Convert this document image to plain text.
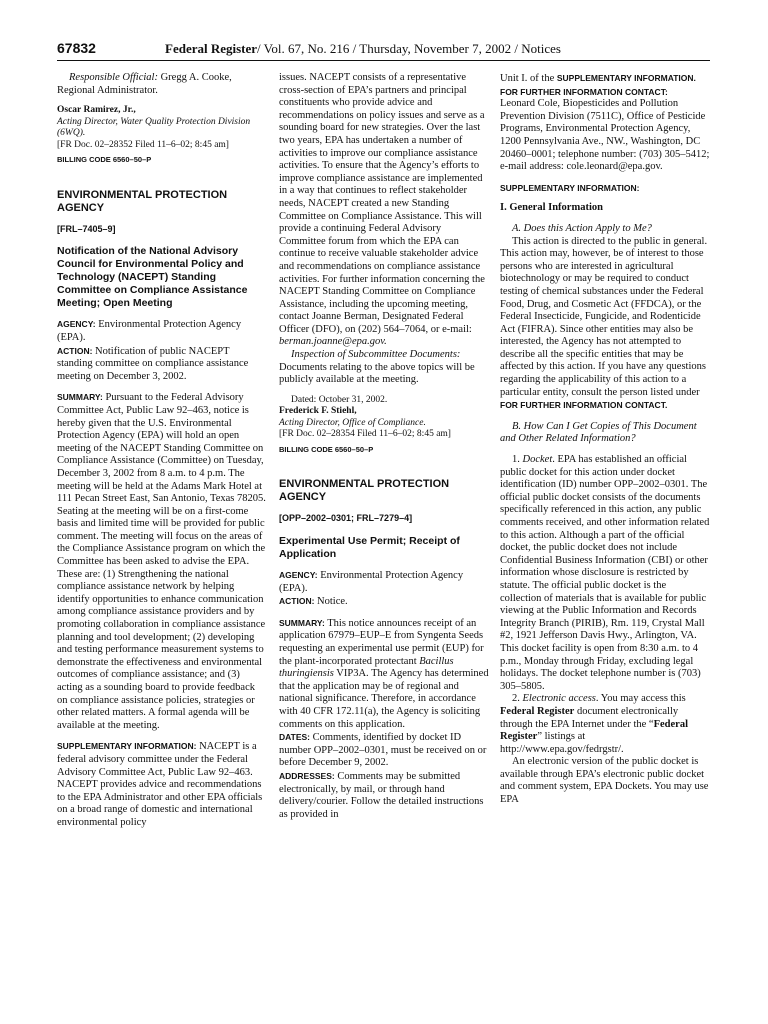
67832	Federal Register/ Vol. 67, No. 216 / Thursday, November 7, 2002 / Notices

Responsible Official: Gregg A. Cooke, Regional Administrator.

Oscar Ramirez, Jr.,

Acting Director, Water Quality Protection Division (6WQ).

[FR Doc. 02–28352 Filed 11–6–02; 8:45 am]

BILLING CODE 6560–50–P

ENVIRONMENTAL PROTECTION AGENCY

[FRL–7405–9]

Notification of the National Advisory Council for Environmental Policy and Technology (NACEPT) Standing Committee on Compliance Assistance Meeting; Open Meeting

AGENCY: Environmental Protection Agency (EPA).

ACTION: Notification of public NACEPT standing committee on compliance assistance meeting on December 3, 2002.

SUMMARY: Pursuant to the Federal Advisory Committee Act, Public Law 92–463, notice is hereby given that the U.S. Environmental Protection Agency (EPA) will hold an open meeting of the NACEPT Standing Committee on Compliance Assistance (Committee) on Tuesday, December 3, 2002 from 8 a.m. to 4 p.m. The meeting will be held at the Adams Mark Hotel at 111 Pecan Street East, San Antonio, Texas 78205. Seating at the meeting will be on a first-come basis and limited time will be provided for public comment. The meeting will focus on the areas of the Compliance Assistance program on which the Committee has been asked to advise the EPA. These are: (1) Strengthening the national compliance assistance network by helping identify opportunities to enhance communication among compliance assistance providers and by promoting collaboration in compliance assistance planning and tool development; (2) developing and testing performance measurement systems to demonstrate the effectiveness and environmental outcomes of compliance assistance; and (3) acting as a sounding board to provide feedback on compliance assistance policies, strategies or other related matters. A formal agenda will be available at the meeting.

SUPPLEMENTARY INFORMATION: NACEPT is a federal advisory committee under the Federal Advisory Committee Act, Public Law 92–463. NACEPT provides advice and recommendations to the EPA Administrator and other EPA officials on a broad range of domestic and international environmental policy

issues. NACEPT consists of a representative cross-section of EPA’s partners and principal constituents who provide advice and recommendations on policy issues and serve as a sounding board for new strategies. Over the last two years, EPA has undertaken a number of activities to improve our compliance assistance activities. To ensure that the Agency’s efforts to improve compliance assistance are implemented in a way that continues to reflect stakeholder needs, NACEPT created a new Standing Committee on Compliance Assistance. This will provide a continuing Federal Advisory Committee forum from which the EPA can continue to receive valuable stakeholder advice and recommendations on compliance assistance activities. For further information concerning the NACEPT Standing Committee on Compliance Assistance, including the upcoming meeting, contact Joanne Berman, Designated Federal Officer (DFO), on (202) 564–7064, or e-mail: berman.joanne@epa.gov.

Inspection of Subcommittee Documents: Documents relating to the above topics will be publicly available at the meeting.

Dated: October 31, 2002.

Frederick F. Stiehl,

Acting Director, Office of Compliance.

[FR Doc. 02–28354 Filed 11–6–02; 8:45 am]

BILLING CODE 6560–50–P

ENVIRONMENTAL PROTECTION AGENCY

[OPP–2002–0301; FRL–7279–4]

Experimental Use Permit; Receipt of Application

AGENCY: Environmental Protection Agency (EPA).

ACTION: Notice.

SUMMARY: This notice announces receipt of an application 67979–EUP–E from Syngenta Seeds requesting an experimental use permit (EUP) for the plant-incorporated protectant Bacillus thuringiensis VIP3A. The Agency has determined that the application may be of regional and national significance. Therefore, in accordance with 40 CFR 172.11(a), the Agency is soliciting comments on this application.

DATES: Comments, identified by docket ID number OPP–2002–0301, must be received on or before December 9, 2002.

ADDRESSES: Comments may be submitted electronically, by mail, or through hand delivery/courier. Follow the detailed instructions as provided in

Unit I. of the SUPPLEMENTARY INFORMATION.

FOR FURTHER INFORMATION CONTACT:

Leonard Cole, Biopesticides and Pollution Prevention Division (7511C), Office of Pesticide Programs, Environmental Protection Agency, 1200 Pennsylvania Ave., NW., Washington, DC 20460–0001; telephone number: (703) 305–5412; e-mail address: cole.leonard@epa.gov.

SUPPLEMENTARY INFORMATION:

I. General Information

A. Does this Action Apply to Me?

This action is directed to the public in general. This action may, however, be of interest to those persons who are interested in agricultural biotechnology or may be required to conduct testing of chemical substances under the Federal Food, Drug, and Cosmetic Act (FFDCA), or the Federal Insecticide, Fungicide, and Rodenticide Act (FIFRA). Since other entities may also be interested, the Agency has not attempted to describe all the specific entities that may be affected by this action. If you have any questions regarding the applicability of this action to a particular entity, consult the person listed under FOR FURTHER INFORMATION CONTACT.

B. How Can I Get Copies of This Document and Other Related Information?

1. Docket. EPA has established an official public docket for this action under docket identification (ID) number OPP–2002–0301. The official public docket consists of the documents specifically referenced in this action, any public comments received, and other information related to this action. Although a part of the official docket, the public docket does not include Confidential Business Information (CBI) or other information whose disclosure is restricted by statute. The official public docket is the collection of materials that is available for public viewing at the Public Information and Records Integrity Branch (PIRIB), Rm. 119, Crystal Mall #2, 1921 Jefferson Davis Hwy., Arlington, VA. This docket facility is open from 8:30 a.m. to 4 p.m., Monday through Friday, excluding legal holidays. The docket telephone number is (703) 305–5805.

2. Electronic access. You may access this Federal Register document electronically through the EPA Internet under the “Federal Register” listings at http://www.epa.gov/fedrgstr/.

An electronic version of the public docket is available through EPA’s electronic public docket and comment system, EPA Dockets. You may use EPA
